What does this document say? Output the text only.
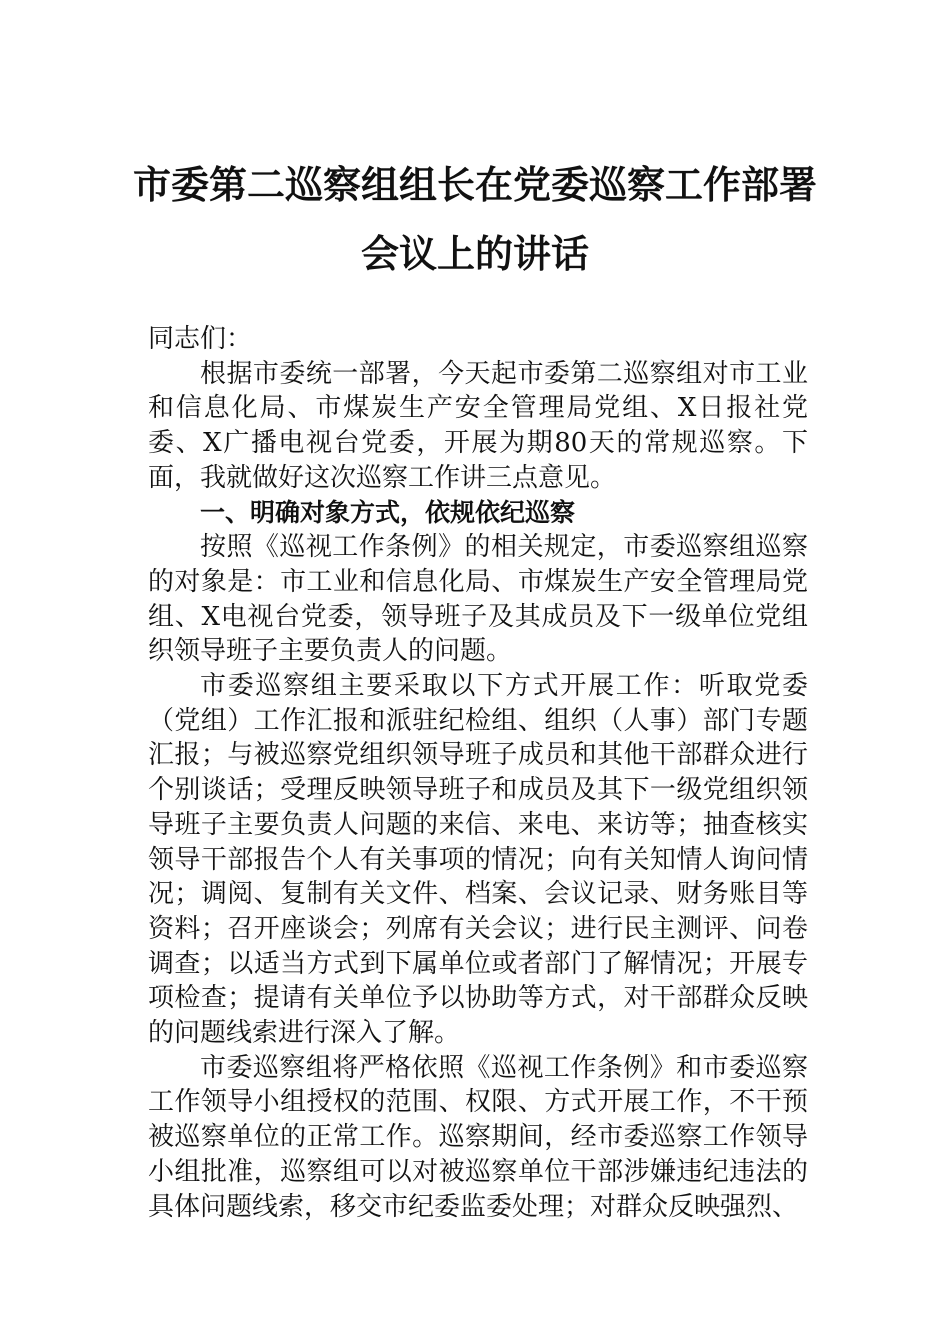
市委第二巡察组组长在党委巡察工作部署
会议上的讲话

同志们：

根据市委统一部署，今天起市委第二巡察组对市工业和信息化局、市煤炭生产安全管理局党组、X日报社党委、X广播电视台党委，开展为期80天的常规巡察。下面，我就做好这次巡察工作讲三点意见。

一、明确对象方式，依规依纪巡察

按照《巡视工作条例》的相关规定，市委巡察组巡察的对象是：市工业和信息化局、市煤炭生产安全管理局党组、X电视台党委，领导班子及其成员及下一级单位党组织领导班子主要负责人的问题。

市委巡察组主要采取以下方式开展工作：听取党委（党组）工作汇报和派驻纪检组、组织（人事）部门专题汇报；与被巡察党组织领导班子成员和其他干部群众进行个别谈话；受理反映领导班子和成员及其下一级党组织领导班子主要负责人问题的来信、来电、来访等；抽查核实领导干部报告个人有关事项的情况；向有关知情人询问情况；调阅、复制有关文件、档案、会议记录、财务账目等资料；召开座谈会；列席有关会议；进行民主测评、问卷调查；以适当方式到下属单位或者部门了解情况；开展专项检查；提请有关单位予以协助等方式，对干部群众反映的问题线索进行深入了解。

市委巡察组将严格依照《巡视工作条例》和市委巡察工作领导小组授权的范围、权限、方式开展工作，不干预被巡察单位的正常工作。巡察期间，经市委巡察工作领导小组批准，巡察组可以对被巡察单位干部涉嫌违纪违法的具体问题线索，移交市纪委监委处理；对群众反映强烈、
